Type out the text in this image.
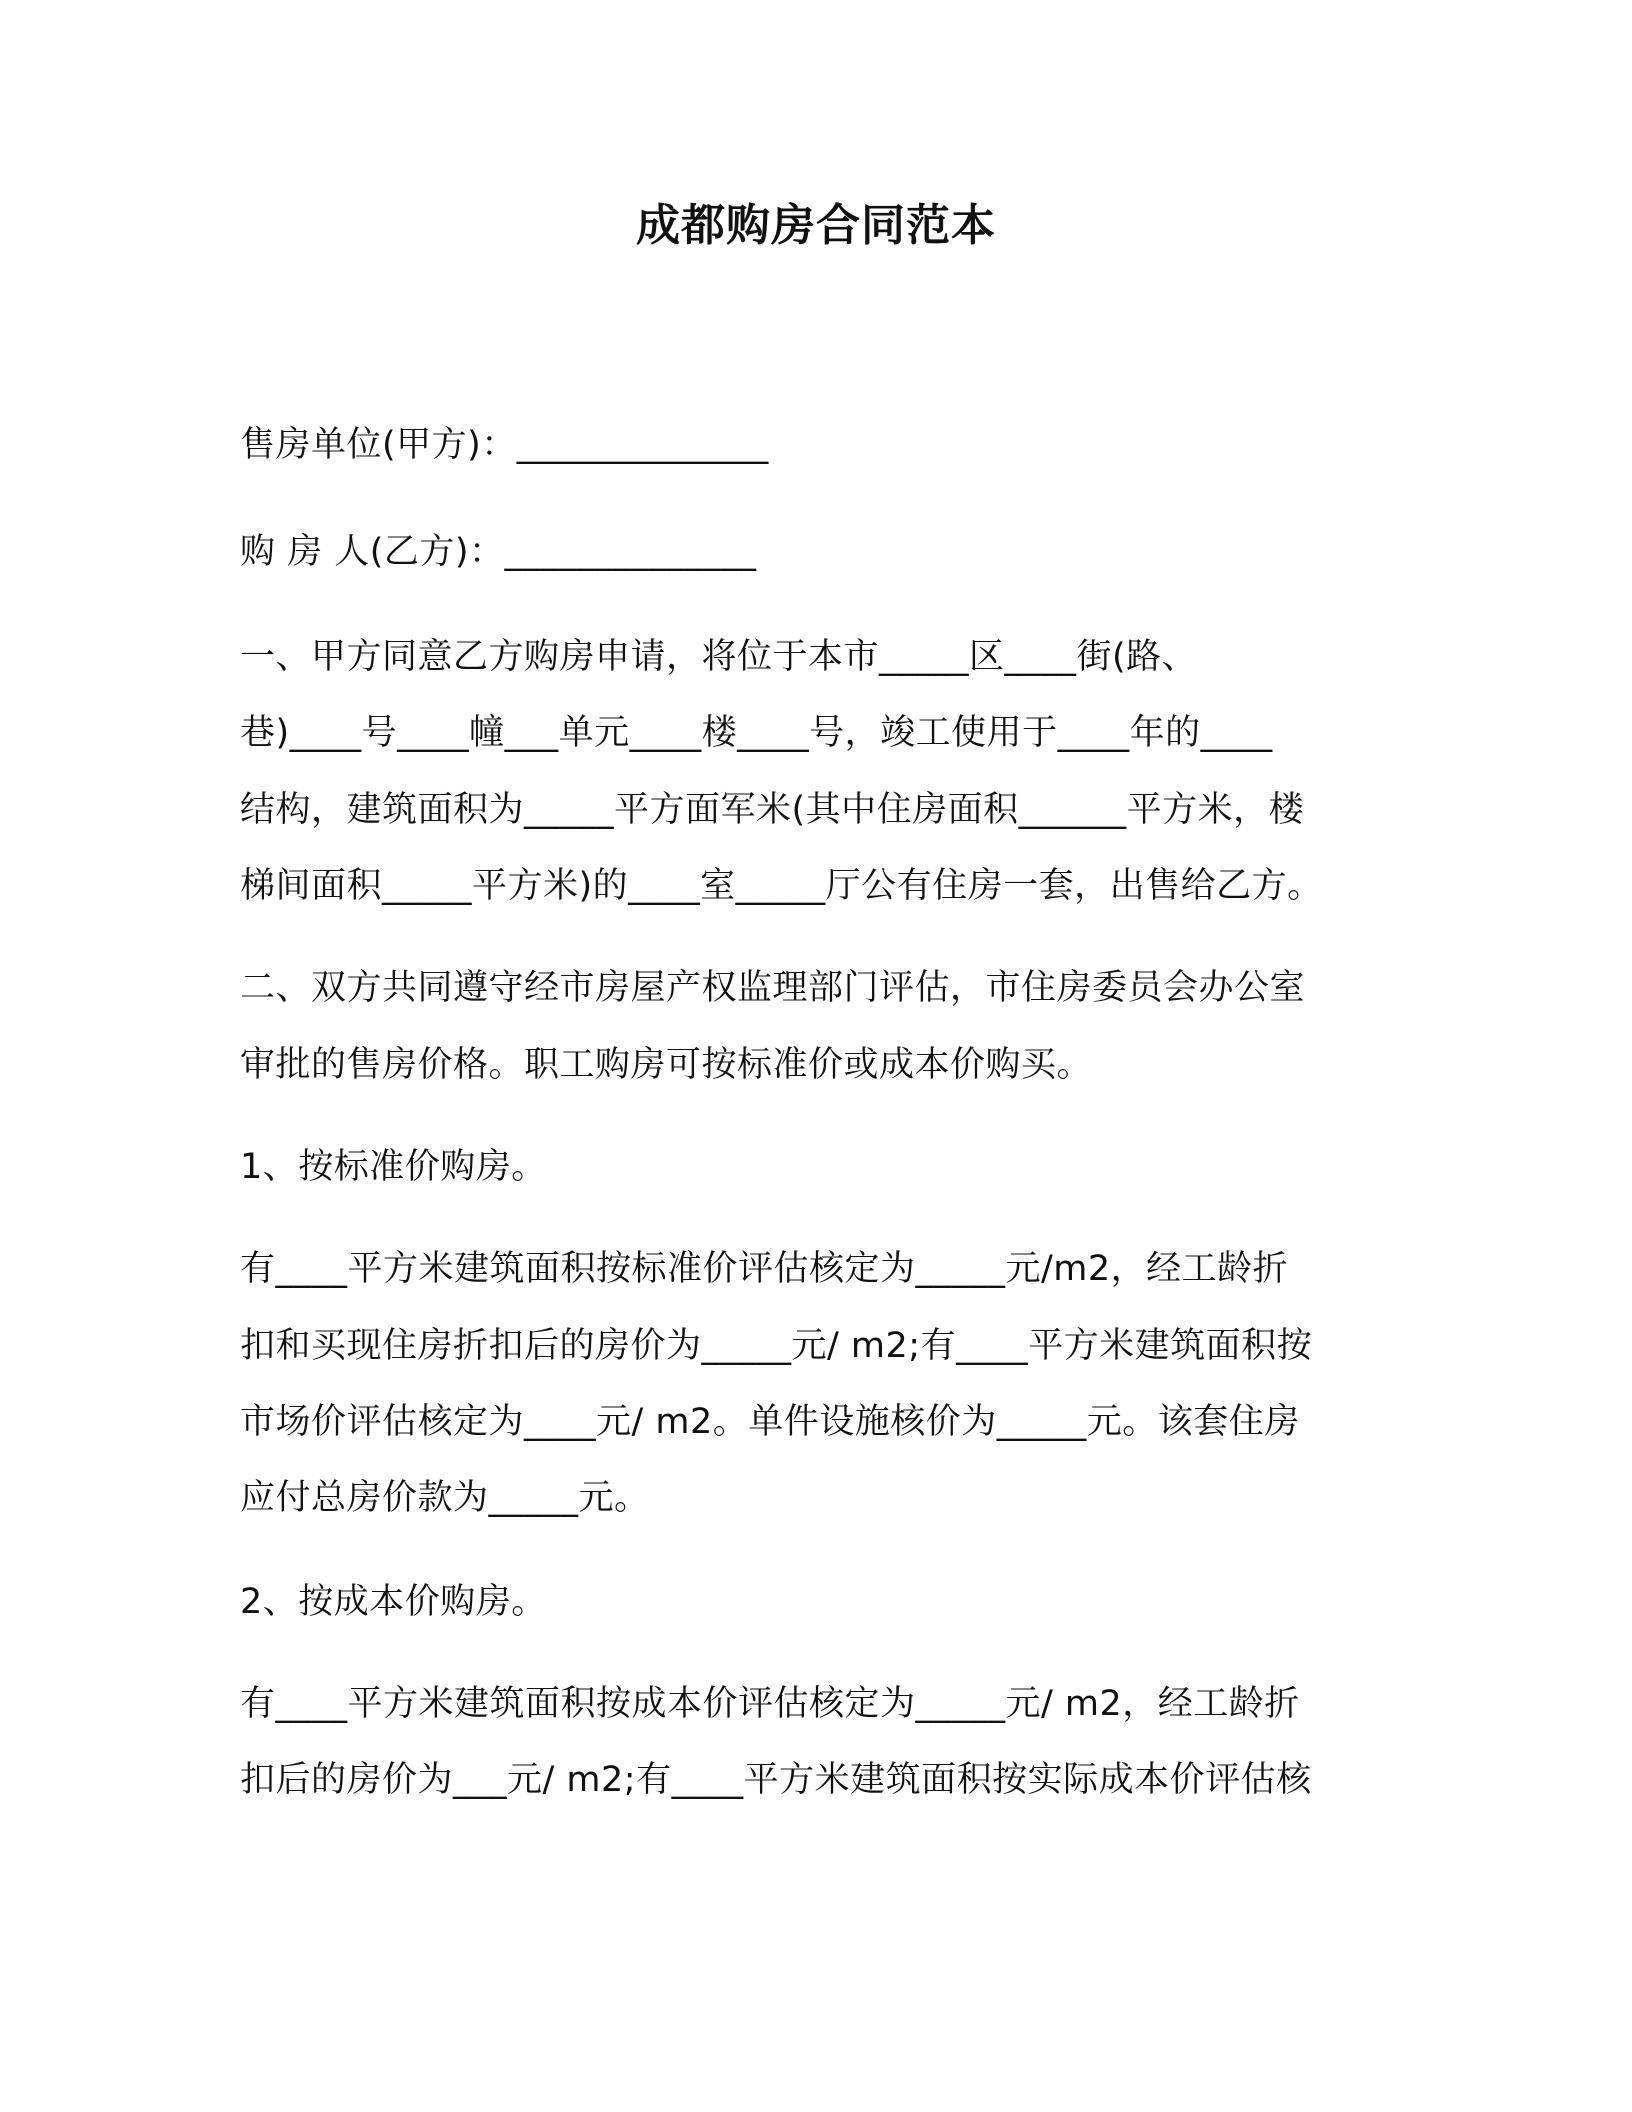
成都购房合同范本
售房单位(甲方)：______________
购 房 人(乙方)：______________
一、甲方同意乙方购房申请，将位于本市_____区____街(路、
巷)____号____幢___单元____楼____号，竣工使用于____年的____
结构，建筑面积为_____平方面军米(其中住房面积______平方米，楼
梯间面积_____平方米)的____室_____厅公有住房一套，出售给乙方。
二、双方共同遵守经市房屋产权监理部门评估，市住房委员会办公室
审批的售房价格。职工购房可按标准价或成本价购买。
1、按标准价购房。
有____平方米建筑面积按标准价评估核定为_____元/m2，经工龄折
扣和买现住房折扣后的房价为_____元/ m2;有____平方米建筑面积按
市场价评估核定为____元/ m2。单件设施核价为_____元。该套住房
应付总房价款为_____元。
2、按成本价购房。
有____平方米建筑面积按成本价评估核定为_____元/ m2，经工龄折
扣后的房价为___元/ m2;有____平方米建筑面积按实际成本价评估核
